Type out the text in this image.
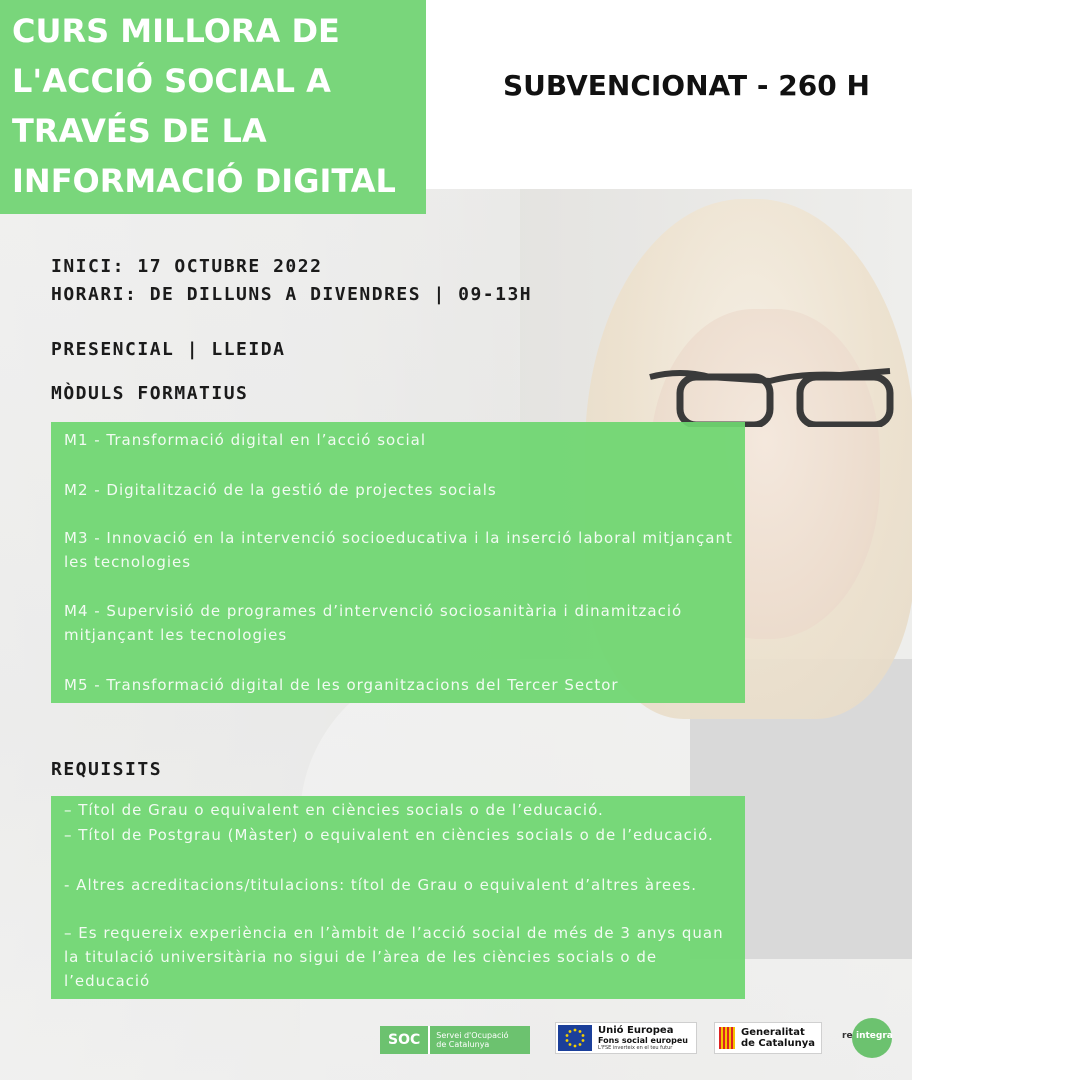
CURS MILLORA DE
L'ACCIÓ SOCIAL A
TRAVÉS DE LA
INFORMACIÓ DIGITAL

SUBVENCIONAT - 260 H

INICI: 17 OCTUBRE 2022

HORARI: DE DILLUNS A DIVENDRES | 09-13H

PRESENCIAL | LLEIDA

MÒDULS FORMATIUS

M1 - Transformació digital en l’acció social

M2 - Digitalització de la gestió de projectes socials

M3 - Innovació en la intervenció socioeducativa i la inserció laboral mitjançant les tecnologies

M4 - Supervisió de programes d’intervenció sociosanitària i dinamització mitjançant les tecnologies

M5 - Transformació digital de les organitzacions del Tercer Sector

REQUISITS

– Títol de Grau o equivalent en ciències socials o de l’educació.

– Títol de Postgrau (Màster) o equivalent en ciències socials o de l’educació.

- Altres acreditacions/titulacions: títol de Grau o equivalent d’altres àrees.

– Es requereix experiència en l’àmbit de l’acció social de més de 3 anys quan la titulació universitària no sigui de l’àrea de les ciències socials o de l’educació

SOC	Servei d'Ocupació
de Catalunya
Unió Europea
Fons social europeu
L'FSE inverteix en el teu futur
Generalitat
de Catalunya
re integra
